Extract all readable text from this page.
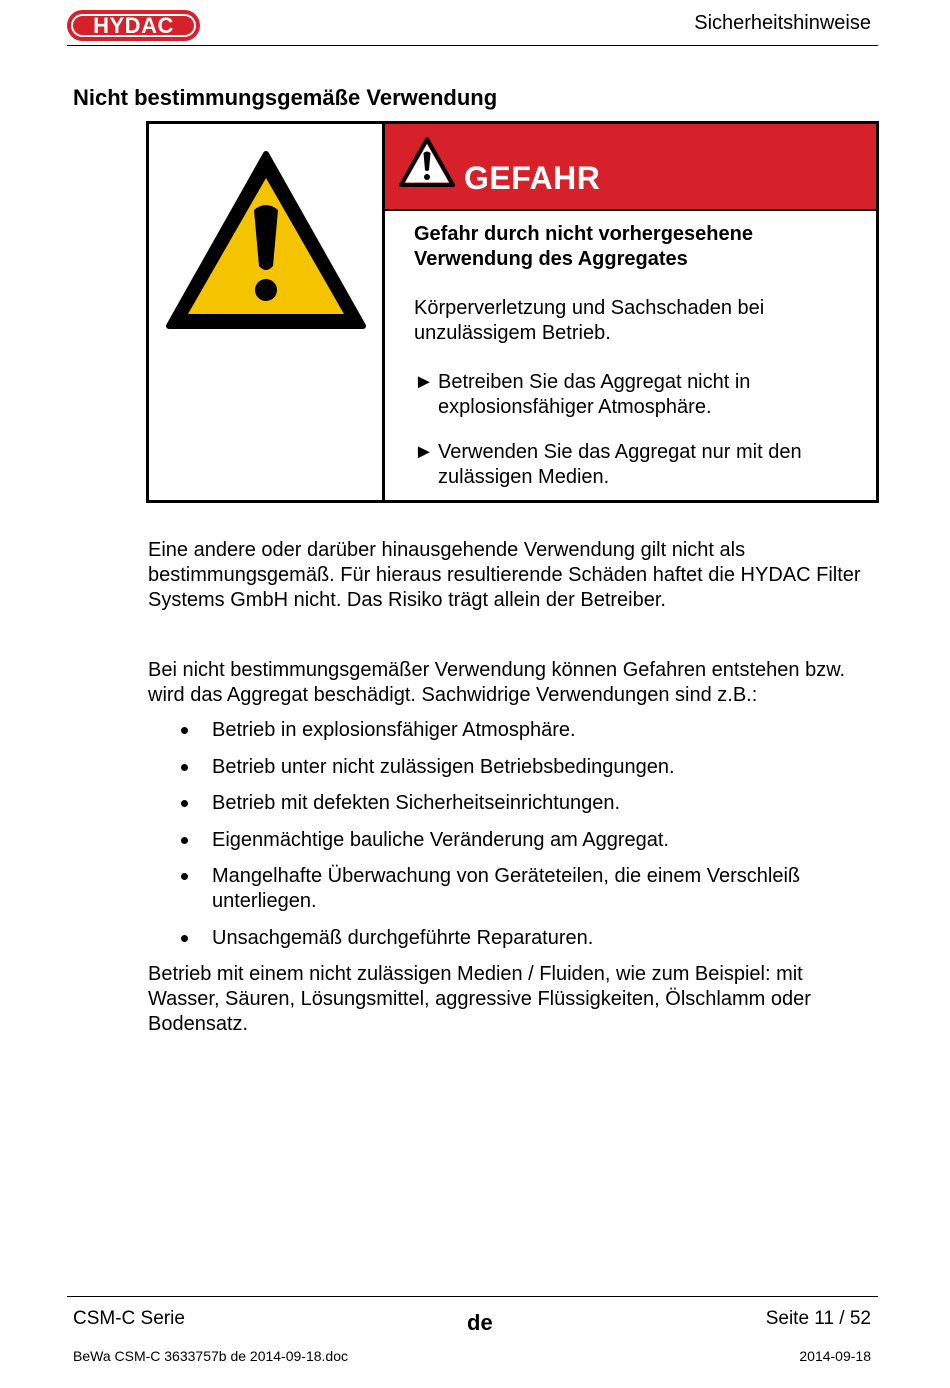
HYDAC	Sicherheitshinweise
Nicht bestimmungsgemäße Verwendung
GEFAHR

Gefahr durch nicht vorhergesehene Verwendung des Aggregates

Körperverletzung und Sachschaden bei unzulässigem Betrieb.

► Betreiben Sie das Aggregat nicht in explosionsfähiger Atmosphäre.

► Verwenden Sie das Aggregat nur mit den zulässigen Medien.

Eine andere oder darüber hinausgehende Verwendung gilt nicht als bestimmungsgemäß. Für hieraus resultierende Schäden haftet die HYDAC Filter Systems GmbH nicht. Das Risiko trägt allein der Betreiber.

Bei nicht bestimmungsgemäßer Verwendung können Gefahren entstehen bzw. wird das Aggregat beschädigt. Sachwidrige Verwendungen sind z.B.:

Betrieb in explosionsfähiger Atmosphäre.
Betrieb unter nicht zulässigen Betriebsbedingungen.
Betrieb mit defekten Sicherheitseinrichtungen.
Eigenmächtige bauliche Veränderung am Aggregat.
Mangelhafte Überwachung von Geräteteilen, die einem Verschleiß unterliegen.
Unsachgemäß durchgeführte Reparaturen.

Betrieb mit einem nicht zulässigen Medien / Fluiden, wie zum Beispiel: mit Wasser, Säuren, Lösungsmittel, aggressive Flüssigkeiten, Ölschlamm oder Bodensatz.

CSM-C Serie	de	Seite 11 / 52
BeWa CSM-C 3633757b de 2014-09-18.doc	2014-09-18
